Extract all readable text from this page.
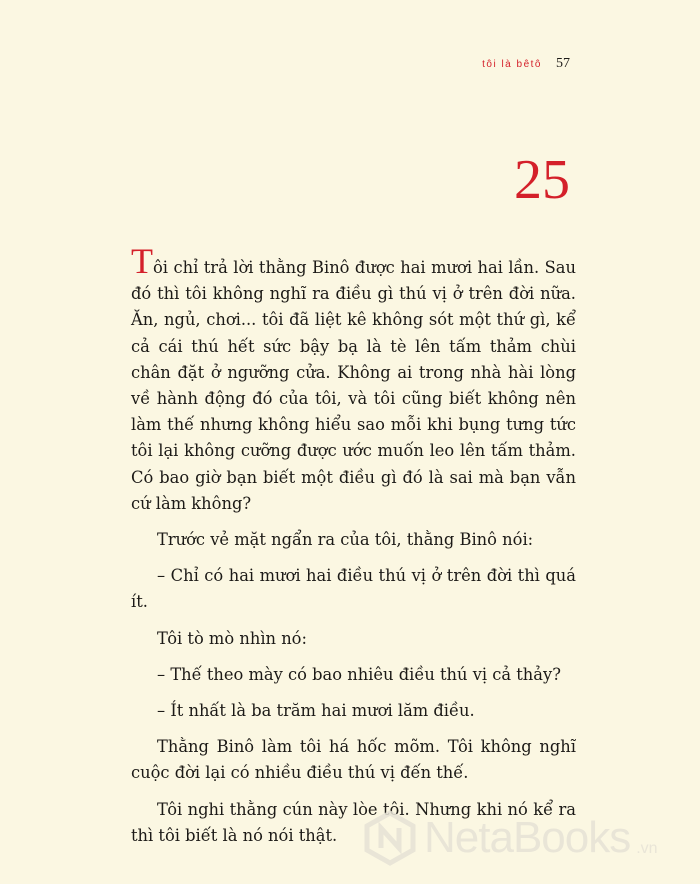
tôi là bêtô 57
25

Tôi chỉ trả lời thằng Binô được hai mươi hai lần. Sau đó thì tôi không nghĩ ra điều gì thú vị ở trên đời nữa. Ăn, ngủ, chơi... tôi đã liệt kê không sót một thứ gì, kể cả cái thú hết sức bậy bạ là tè lên tấm thảm chùi chân đặt ở ngưỡng cửa. Không ai trong nhà hài lòng về hành động đó của tôi, và tôi cũng biết không nên làm thế nhưng không hiểu sao mỗi khi bụng tưng tức tôi lại không cưỡng được ước muốn leo lên tấm thảm. Có bao giờ bạn biết một điều gì đó là sai mà bạn vẫn cứ làm không?

Trước vẻ mặt ngẩn ra của tôi, thằng Binô nói:

– Chỉ có hai mươi hai điều thú vị ở trên đời thì quá ít.

Tôi tò mò nhìn nó:

– Thế theo mày có bao nhiêu điều thú vị cả thảy?

– Ít nhất là ba trăm hai mươi lăm điều.

Thằng Binô làm tôi há hốc mõm. Tôi không nghĩ cuộc đời lại có nhiều điều thú vị đến thế.

Tôi nghi thằng cún này lòe tôi. Nhưng khi nó kể ra thì tôi biết là nó nói thật.	NetaBooks .vn
